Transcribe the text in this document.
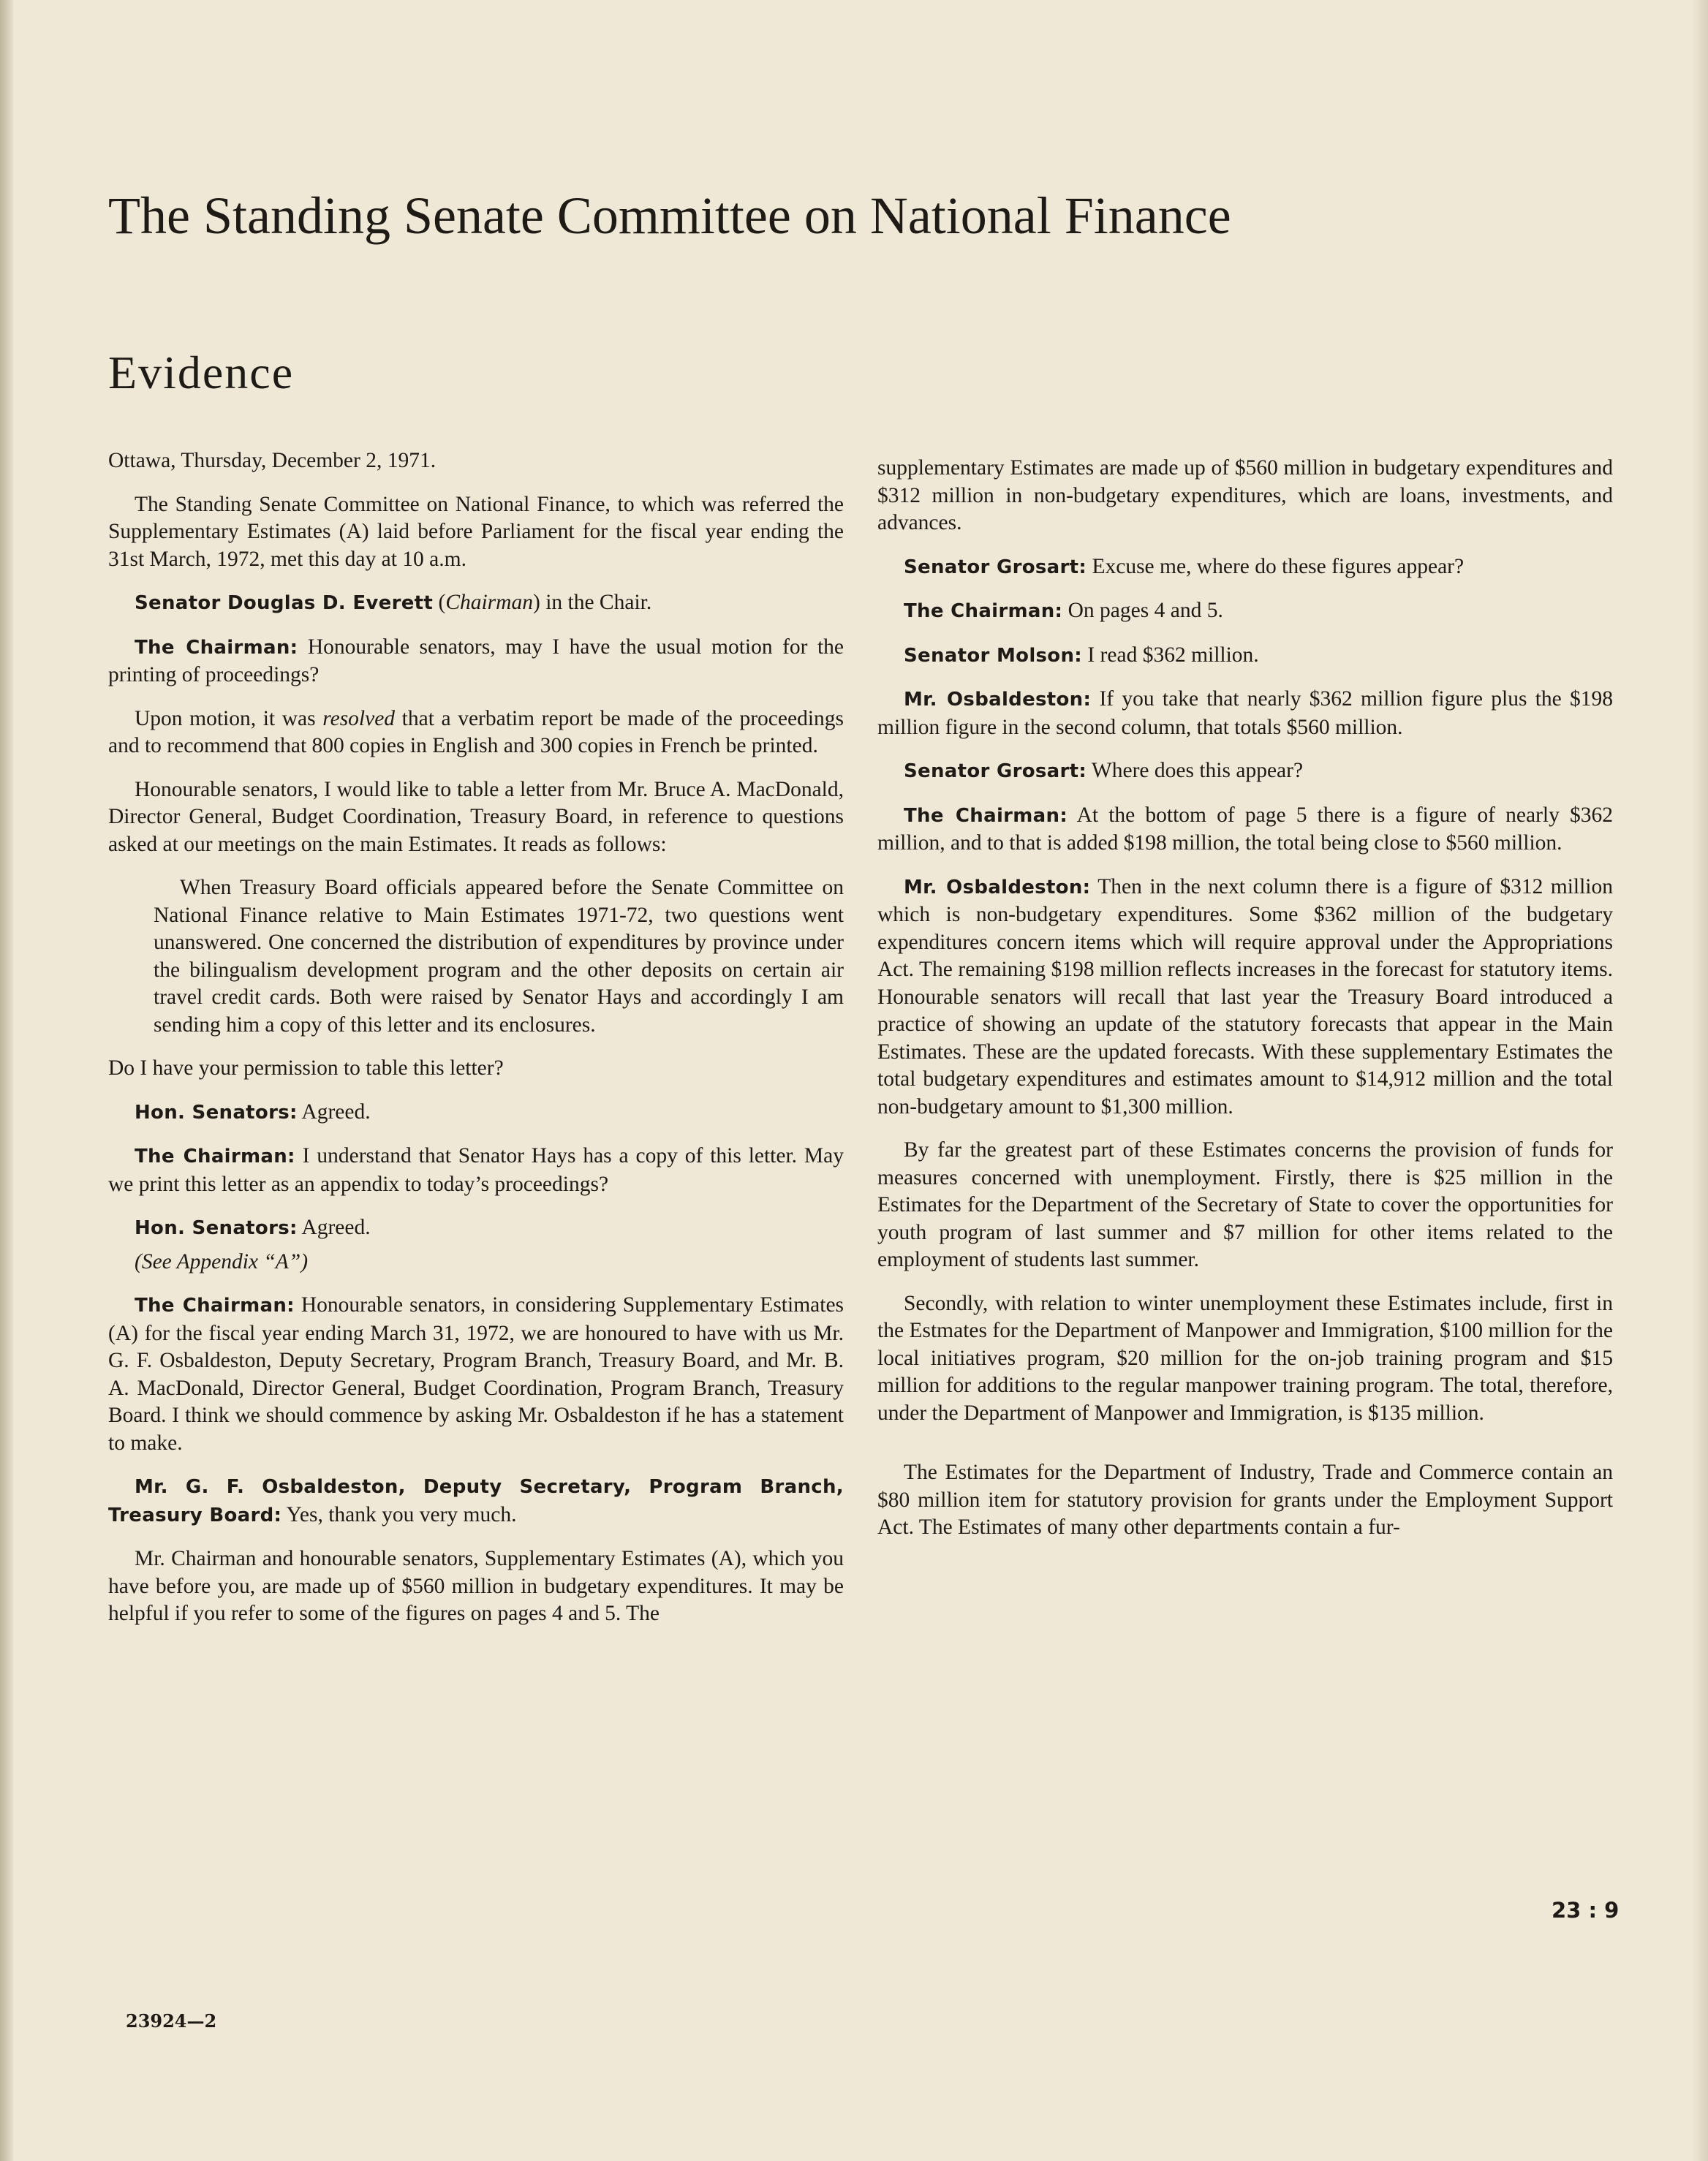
The Standing Senate Committee on National Finance
Evidence

Ottawa, Thursday, December 2, 1971.

The Standing Senate Committee on National Finance, to which was referred the Supplementary Estimates (A) laid before Parliament for the fiscal year ending the 31st March, 1972, met this day at 10 a.m.

Senator Douglas D. Everett (Chairman) in the Chair.

The Chairman: Honourable senators, may I have the usual motion for the printing of proceedings?

Upon motion, it was resolved that a verbatim report be made of the proceedings and to recommend that 800 copies in English and 300 copies in French be printed.

Honourable senators, I would like to table a letter from Mr. Bruce A. MacDonald, Director General, Budget Coordination, Treasury Board, in reference to questions asked at our meetings on the main Estimates. It reads as follows:

When Treasury Board officials appeared before the Senate Committee on National Finance relative to Main Estimates 1971-72, two questions went unanswered. One concerned the distribution of expenditures by province under the bilingualism development program and the other deposits on certain air travel credit cards. Both were raised by Senator Hays and accordingly I am sending him a copy of this letter and its enclosures.

Do I have your permission to table this letter?

Hon. Senators: Agreed.

The Chairman: I understand that Senator Hays has a copy of this letter. May we print this letter as an appendix to today’s proceedings?

Hon. Senators: Agreed.

(See Appendix “A”)

The Chairman: Honourable senators, in considering Supplementary Estimates (A) for the fiscal year ending March 31, 1972, we are honoured to have with us Mr. G. F. Osbaldeston, Deputy Secretary, Program Branch, Treasury Board, and Mr. B. A. MacDonald, Director General, Budget Coordination, Program Branch, Treasury Board. I think we should commence by asking Mr. Osbaldeston if he has a statement to make.

Mr. G. F. Osbaldeston, Deputy Secretary, Program Branch, Treasury Board: Yes, thank you very much.

Mr. Chairman and honourable senators, Supplementary Estimates (A), which you have before you, are made up of $560 million in budgetary expenditures. It may be helpful if you refer to some of the figures on pages 4 and 5. The

supplementary Estimates are made up of $560 million in budgetary expenditures and $312 million in non-budgetary expenditures, which are loans, investments, and advances.

Senator Grosart: Excuse me, where do these figures appear?

The Chairman: On pages 4 and 5.

Senator Molson: I read $362 million.

Mr. Osbaldeston: If you take that nearly $362 million figure plus the $198 million figure in the second column, that totals $560 million.

Senator Grosart: Where does this appear?

The Chairman: At the bottom of page 5 there is a figure of nearly $362 million, and to that is added $198 million, the total being close to $560 million.

Mr. Osbaldeston: Then in the next column there is a figure of $312 million which is non-budgetary expenditures. Some $362 million of the budgetary expenditures concern items which will require approval under the Appropriations Act. The remaining $198 million reflects increases in the forecast for statutory items. Honourable senators will recall that last year the Treasury Board introduced a practice of showing an update of the statutory forecasts that appear in the Main Estimates. These are the updated forecasts. With these supplementary Estimates the total budgetary expenditures and estimates amount to $14,912 million and the total non-budgetary amount to $1,300 million.

By far the greatest part of these Estimates concerns the provision of funds for measures concerned with unemployment. Firstly, there is $25 million in the Estimates for the Department of the Secretary of State to cover the opportunities for youth program of last summer and $7 million for other items related to the employment of students last summer.

Secondly, with relation to winter unemployment these Estimates include, first in the Estmates for the Department of Manpower and Immigration, $100 million for the local initiatives program, $20 million for the on-job training program and $15 million for additions to the regular manpower training program. The total, therefore, under the Department of Manpower and Immigration, is $135 million.

The Estimates for the Department of Industry, Trade and Commerce contain an $80 million item for statutory provision for grants under the Employment Support Act. The Estimates of many other departments contain a fur-

23 : 9
23924—2
